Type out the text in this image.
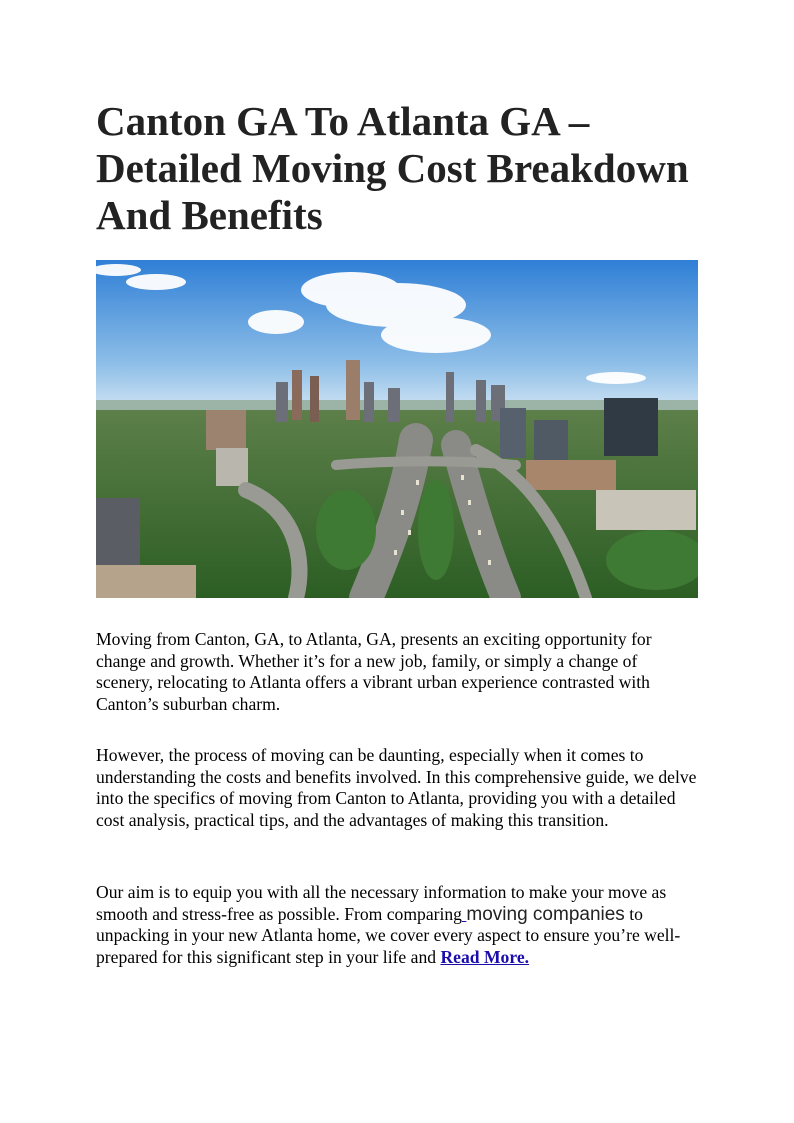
Canton GA To Atlanta GA – Detailed Moving Cost Breakdown And Benefits

Moving from Canton, GA, to Atlanta, GA, presents an exciting opportunity for change and growth. Whether it’s for a new job, family, or simply a change of scenery, relocating to Atlanta offers a vibrant urban experience contrasted with Canton’s suburban charm.

However, the process of moving can be daunting, especially when it comes to understanding the costs and benefits involved. In this comprehensive guide, we delve into the specifics of moving from Canton to Atlanta, providing you with a detailed cost analysis, practical tips, and the advantages of making this transition.

Our aim is to equip you with all the necessary information to make your move as smooth and stress-free as possible. From comparing moving companies to unpacking in your new Atlanta home, we cover every aspect to ensure you’re well-prepared for this significant step in your life and Read More.
